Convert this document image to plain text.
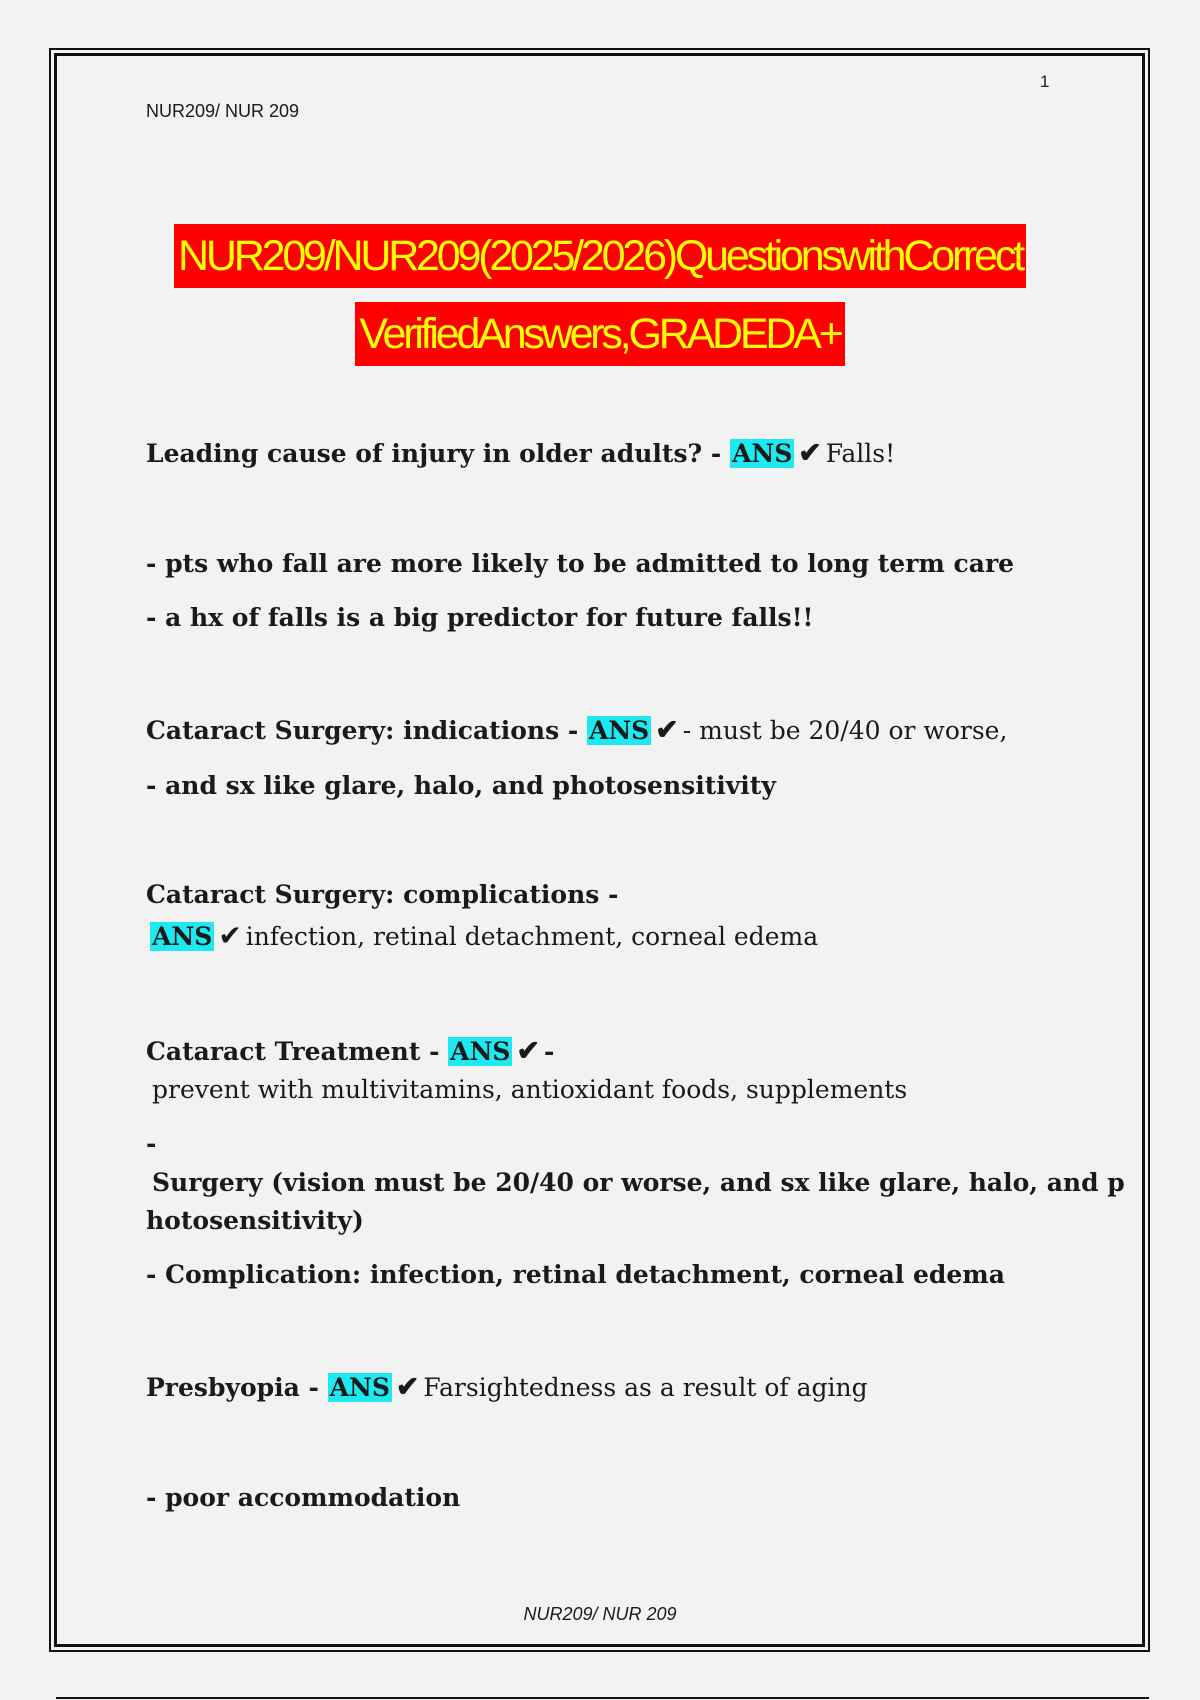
1
NUR209/ NUR 209
NUR209/NUR209(2025/2026)QuestionswithCorrect
VerifiedAnswers,GRADEDA+
Leading cause of injury in older adults? - ANS ✔ Falls!
- pts who fall are more likely to be admitted to long term care
- a hx of falls is a big predictor for future falls!!
Cataract Surgery: indications - ANS ✔ - must be 20/40 or worse,
- and sx like glare, halo, and photosensitivity
Cataract Surgery: complications -
ANS ✔ infection, retinal detachment, corneal edema
Cataract Treatment - ANS ✔ -
prevent with multivitamins, antioxidant foods, supplements
-
Surgery (vision must be 20/40 or worse, and sx like glare, halo, and p
hotosensitivity)
- Complication: infection, retinal detachment, corneal edema
Presbyopia - ANS ✔ Farsightedness as a result of aging
- poor accommodation
NUR209/ NUR 209
